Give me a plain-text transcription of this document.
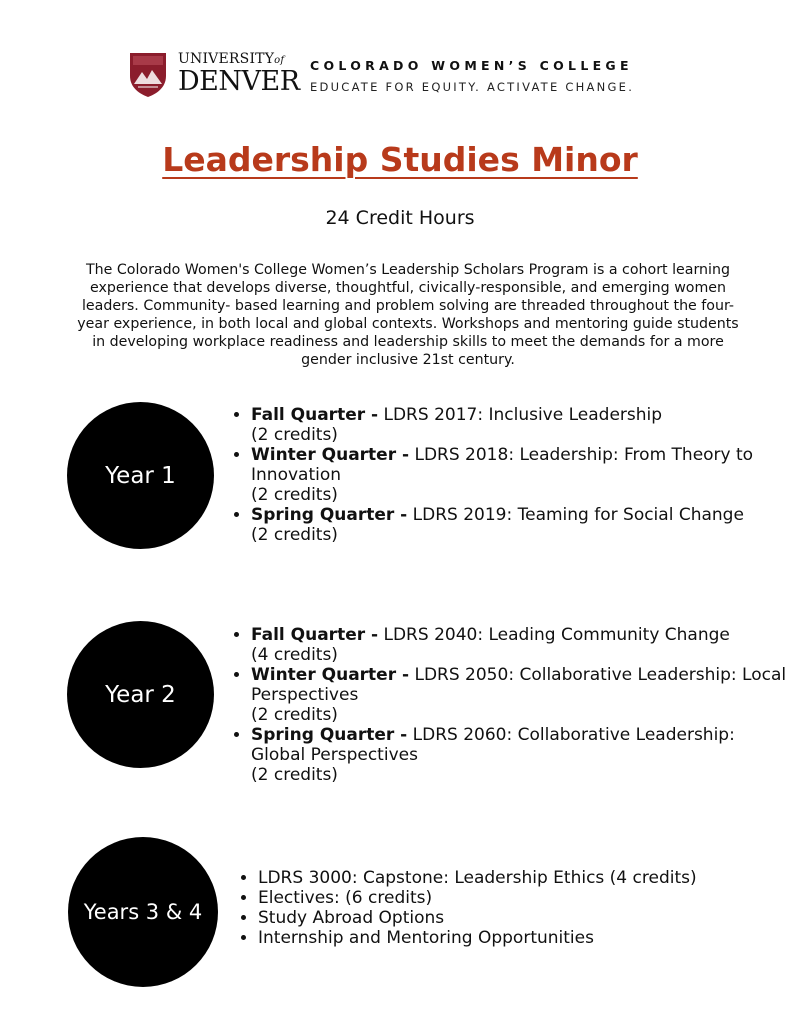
UNIVERSITYof
DENVER
COLORADO WOMEN’S COLLEGE
EDUCATE FOR EQUITY. ACTIVATE CHANGE.
Leadership Studies Minor
24 Credit Hours

The Colorado Women's College Women’s Leadership Scholars Program is a cohort learning experience that develops diverse, thoughtful, civically-responsible, and emerging women leaders. Community- based learning and problem solving are threaded throughout the four-year experience, in both local and global contexts. Workshops and mentoring guide students in developing workplace readiness and leadership skills to meet the demands for a more gender inclusive 21st century.

Year 1
• Fall Quarter - LDRS 2017: Inclusive Leadership
(2 credits)
• Winter Quarter - LDRS 2018: Leadership: From Theory to Innovation
(2 credits)
• Spring Quarter - LDRS 2019: Teaming for Social Change
(2 credits)
Year 2
• Fall Quarter - LDRS 2040: Leading Community Change
(4 credits)
• Winter Quarter - LDRS 2050: Collaborative Leadership: Local Perspectives
(2 credits)
• Spring Quarter - LDRS 2060: Collaborative Leadership: Global Perspectives
(2 credits)
Years 3 & 4
• LDRS 3000: Capstone: Leadership Ethics (4 credits)
• Electives: (6 credits)
• Study Abroad Options
• Internship and Mentoring Opportunities
